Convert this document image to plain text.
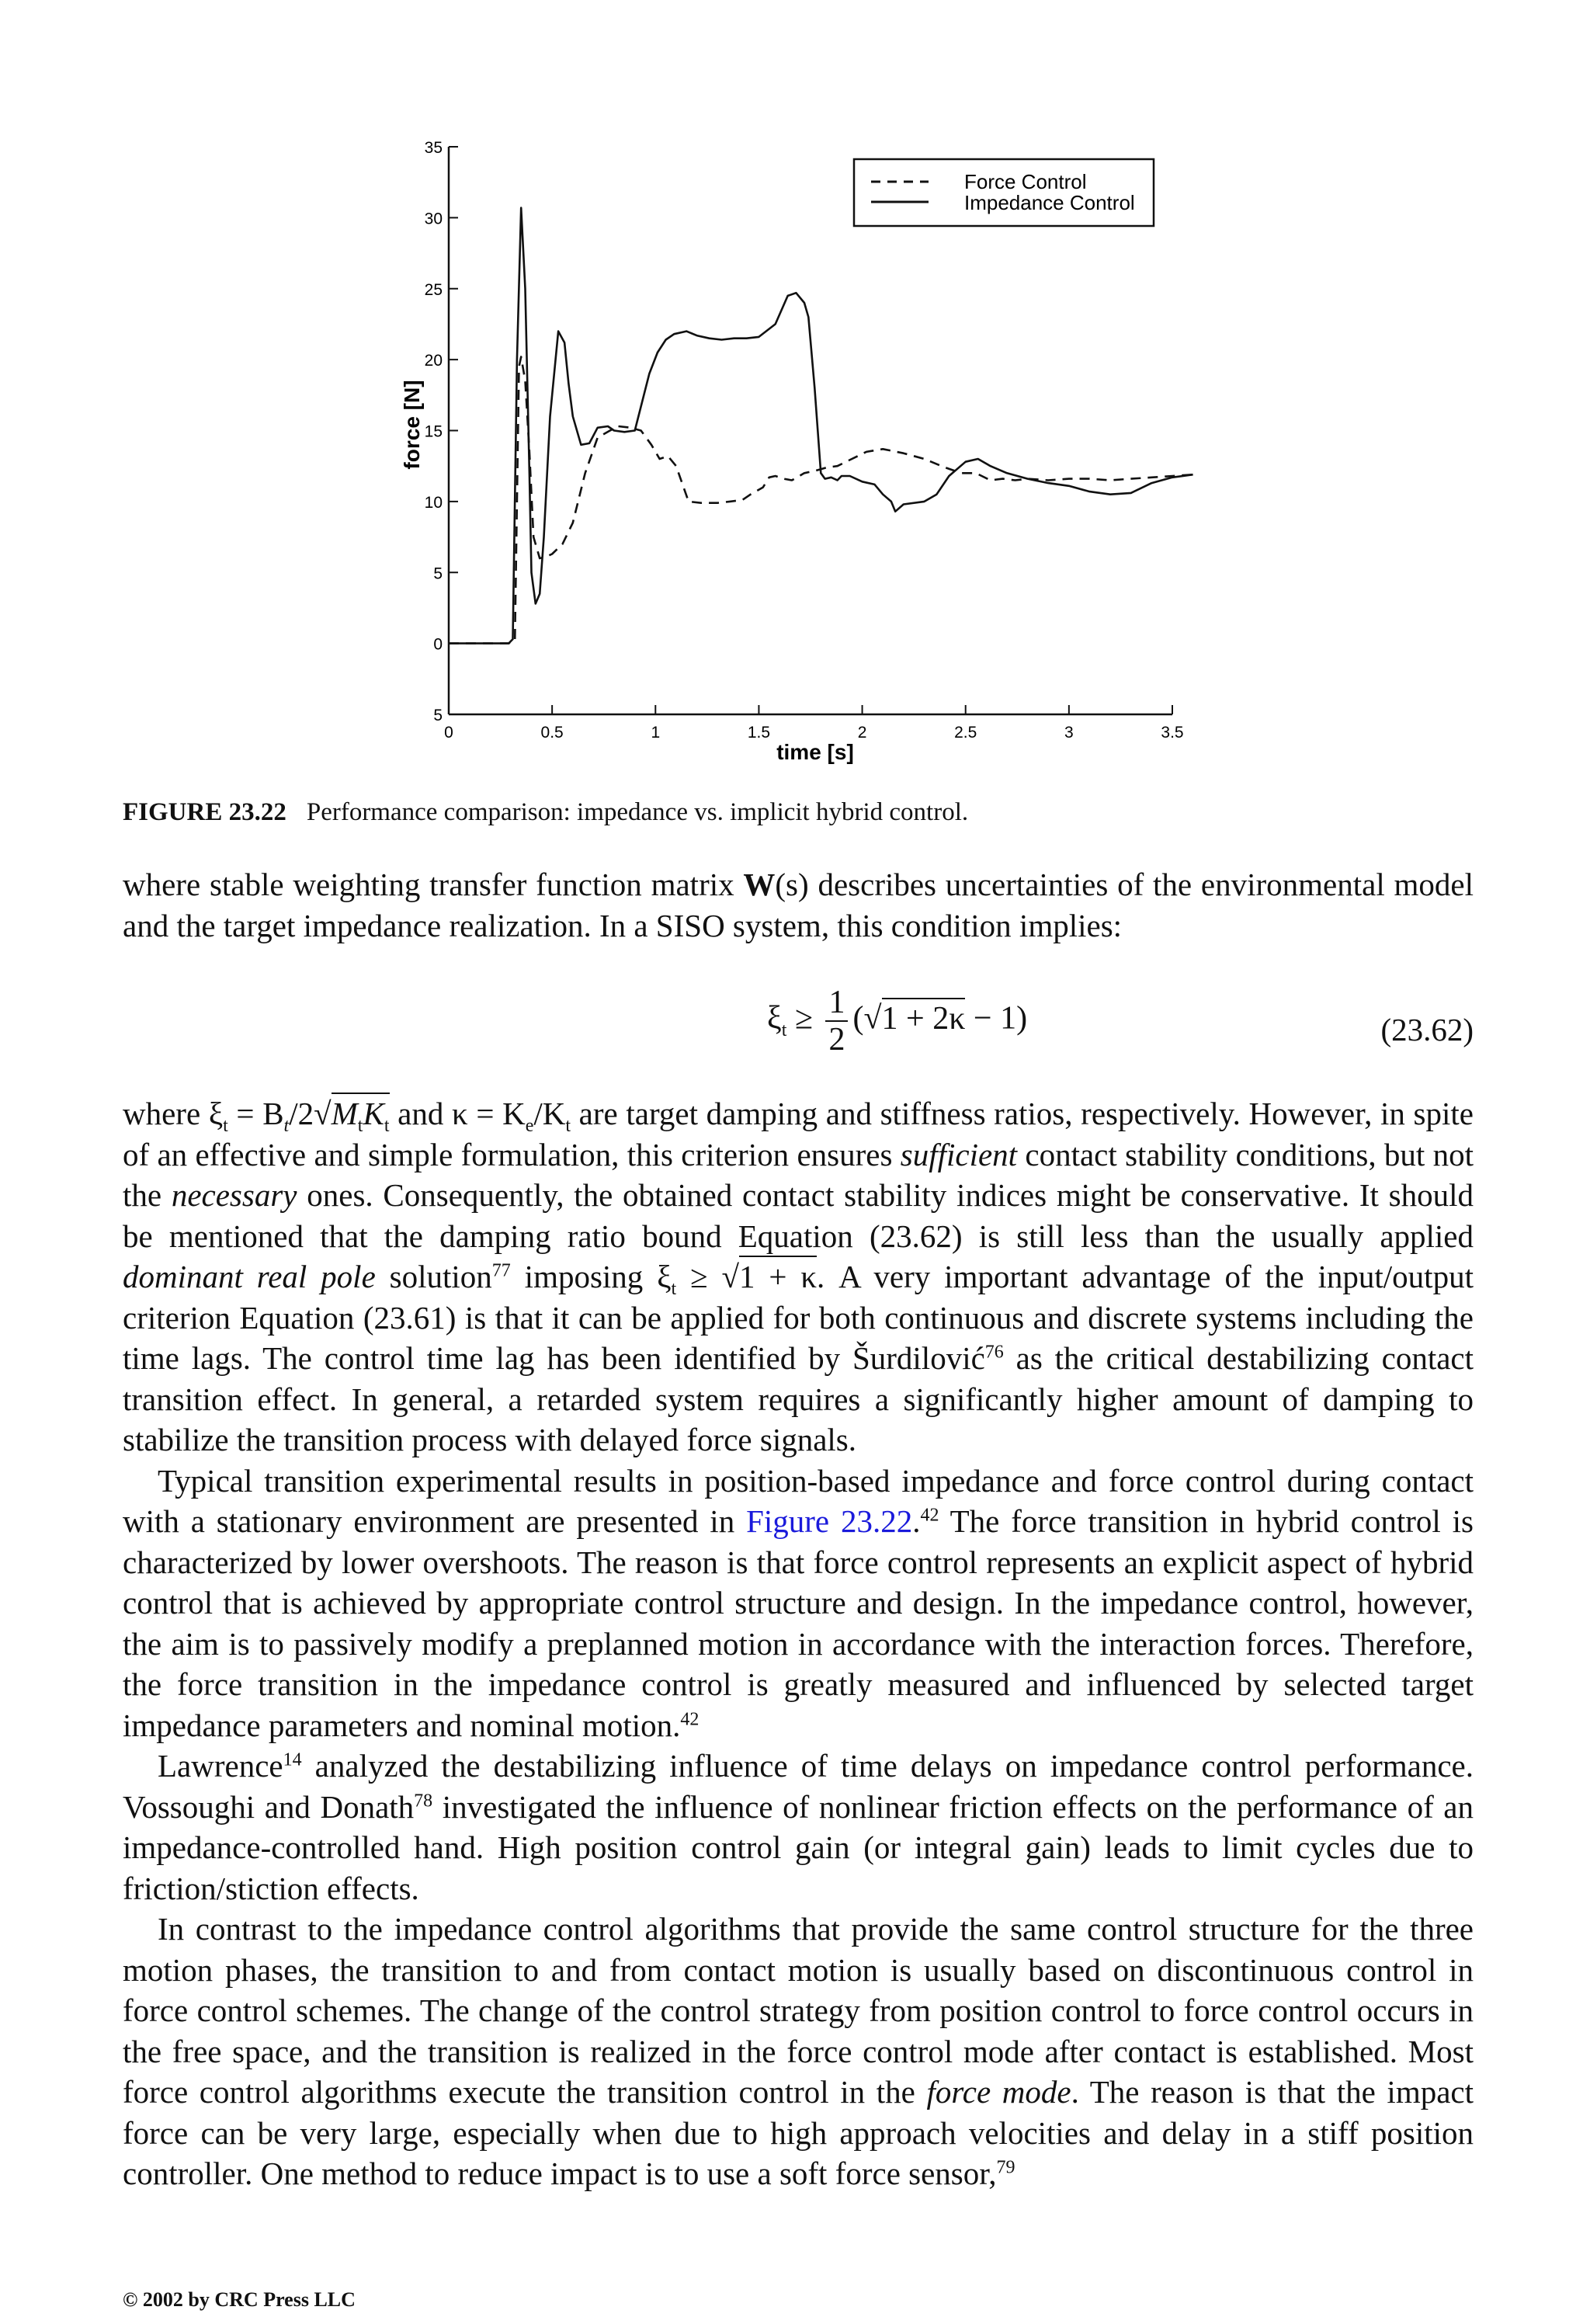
5
0
5
10
15
20
25
30
35
0	0.5	1	1.5	2	2.5	3	3.5
time [s]
force [N]
Force Control
Impedance Control
FIGURE 23.22 Performance comparison: impedance vs. implicit hybrid control.

where stable weighting transfer function matrix W(s) describes uncertainties of the environmental model and the target impedance realization. In a SISO system, this condition implies:

$\xi_t \ge \frac{1}{2} (√1 + 2\kappa - 1)$	(23.62)

where $\xi_t = B_t/2√M_tK_t$ and $\kappa = K_e/K_t$ are target damping and stiffness ratios, respectively. However, in spite of an effective and simple formulation, this criterion ensures sufficient contact stability conditions, but not the necessary ones. Consequently, the obtained contact stability indices might be conservative. It should be mentioned that the damping ratio bound Equation (23.62) is still less than the usually applied dominant real pole solution$^{77}$ imposing $\xi_t \ge √1 + \kappa$. A very important advantage of the input/output criterion Equation (23.61) is that it can be applied for both continuous and discrete systems including the time lags. The control time lag has been identified by Šurdilović$^{76}$ as the critical destabilizing contact transition effect. In general, a retarded system requires a significantly higher amount of damping to stabilize the transition process with delayed force signals.

Typical transition experimental results in position-based impedance and force control during contact with a stationary environment are presented in Figure 23.22.42 The force transition in hybrid control is characterized by lower overshoots. The reason is that force control represents an explicit aspect of hybrid control that is achieved by appropriate control structure and design. In the impedance control, however, the aim is to passively modify a preplanned motion in accordance with the interaction forces. Therefore, the force transition in the impedance control is greatly measured and influenced by selected target impedance parameters and nominal motion.$^{42}$

Lawrence$^{14}$ analyzed the destabilizing influence of time delays on impedance control performance. Vossoughi and Donath$^{78}$ investigated the influence of nonlinear friction effects on the performance of an impedance-controlled hand. High position control gain (or integral gain) leads to limit cycles due to friction/stiction effects.

In contrast to the impedance control algorithms that provide the same control structure for the three motion phases, the transition to and from contact motion is usually based on discontinuous control in force control schemes. The change of the control strategy from position control to force control occurs in the free space, and the transition is realized in the force control mode after contact is established. Most force control algorithms execute the transition control in the force mode. The reason is that the impact force can be very large, especially when due to high approach velocities and delay in a stiff position controller. One method to reduce impact is to use a soft force sensor,$^{79}$

© 2002 by CRC Press LLC
